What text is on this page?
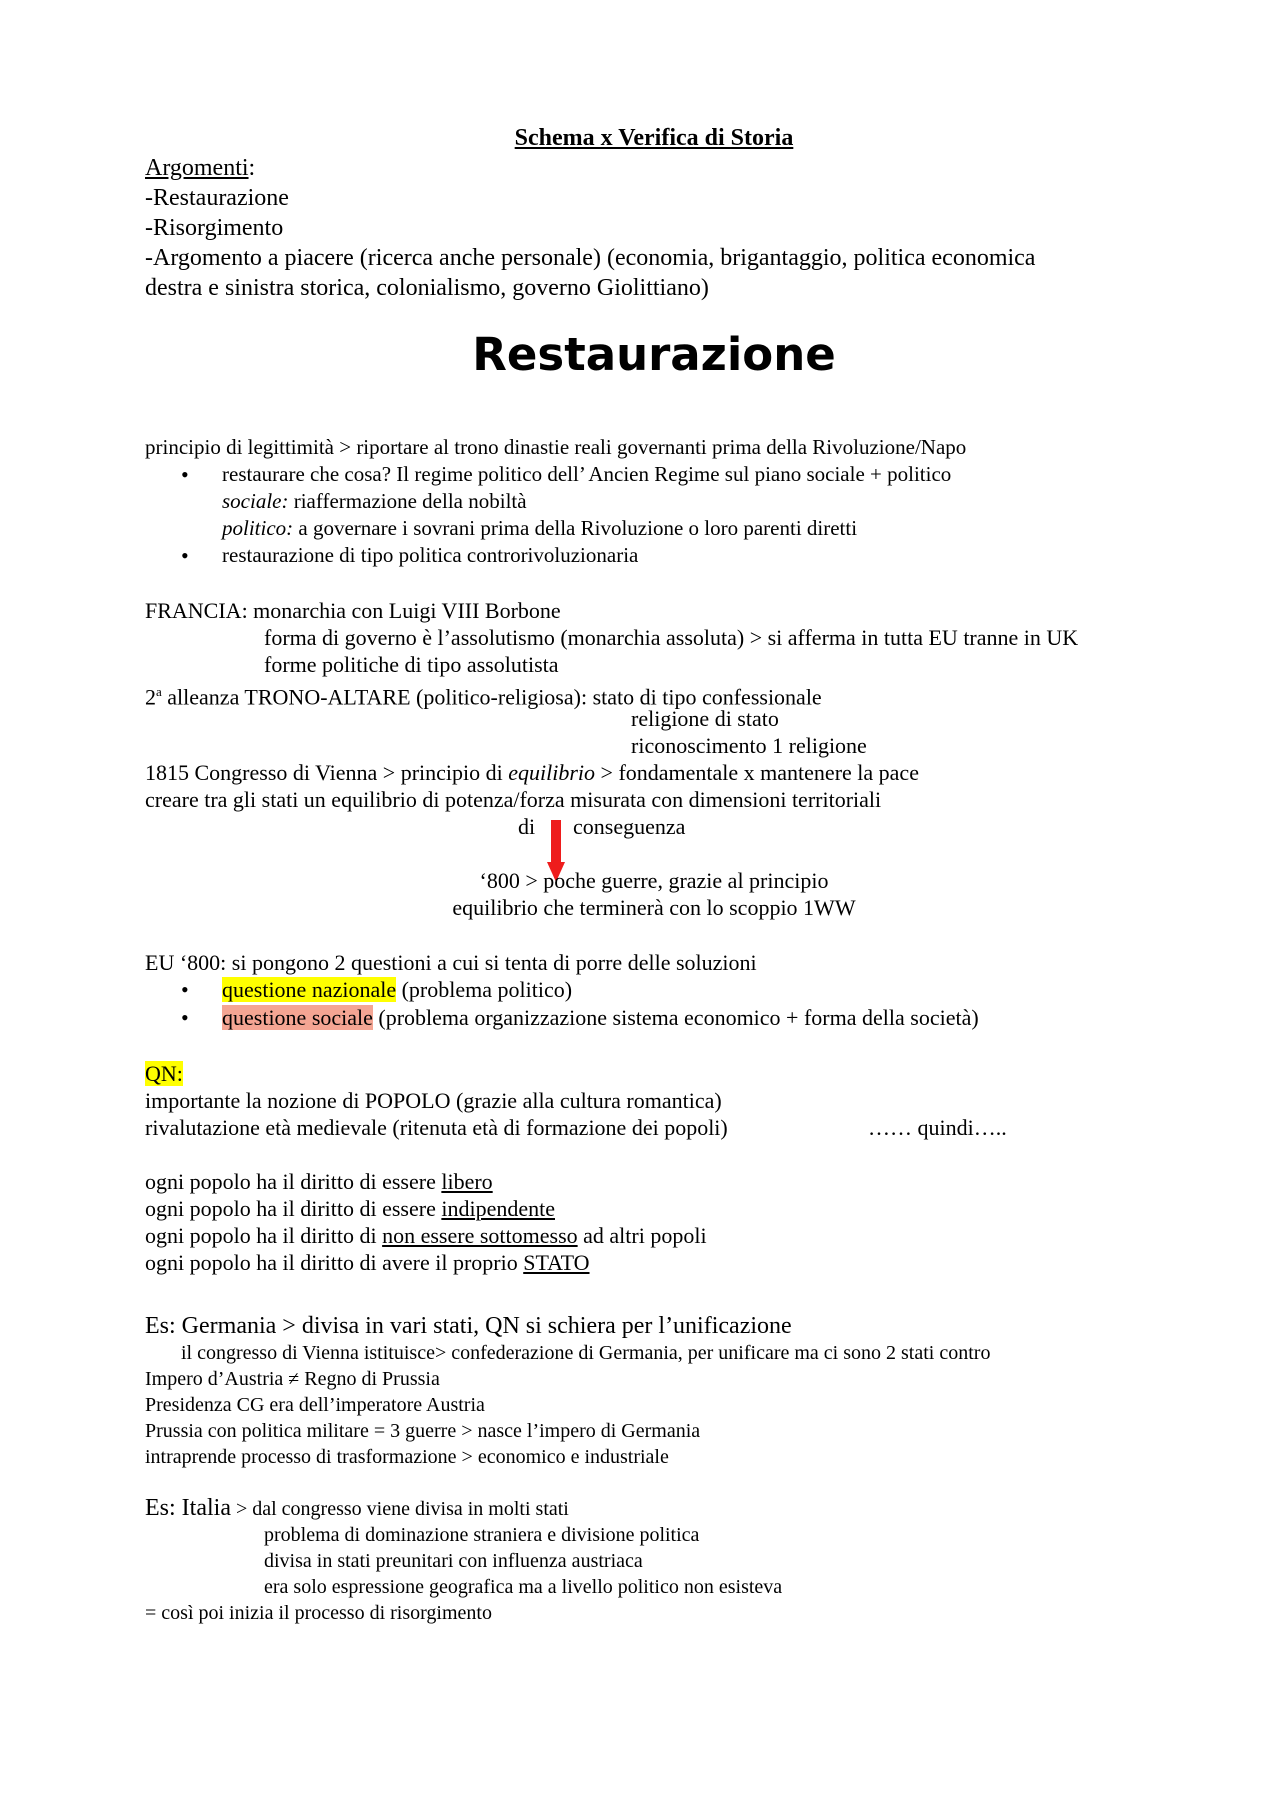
Schema x Verifica di Storia
Argomenti:
-Restaurazione
-Risorgimento
-Argomento a piacere (ricerca anche personale) (economia, brigantaggio, politica economica
destra e sinistra storica, colonialismo, governo Giolittiano)
Restaurazione
principio di legittimità > riportare al trono dinastie reali governanti prima della Rivoluzione/Napo
• restaurare che cosa? Il regime politico dell’ Ancien Regime sul piano sociale + politico
sociale: riaffermazione della nobiltà
politico: a governare i sovrani prima della Rivoluzione o loro parenti diretti
• restaurazione di tipo politica controrivoluzionaria
FRANCIA: monarchia con Luigi VIII Borbone
forma di governo è l’assolutismo (monarchia assoluta) > si afferma in tutta EU tranne in UK
forme politiche di tipo assolutista
2$^a$ alleanza TRONO-ALTARE (politico-religiosa): stato di tipo confessionale
religione di stato
riconoscimento 1 religione
1815 Congresso di Vienna > principio di equilibrio > fondamentale x mantenere la pace
creare tra gli stati un equilibrio di potenza/forza misurata con dimensioni territoriali
di conseguenza
‘800 > poche guerre, grazie al principio
equilibrio che terminerà con lo scoppio 1WW
EU ‘800: si pongono 2 questioni a cui si tenta di porre delle soluzioni
• questione nazionale (problema politico)
• questione sociale (problema organizzazione sistema economico + forma della società)
QN:
importante la nozione di POPOLO (grazie alla cultura romantica)
rivalutazione età medievale (ritenuta età di formazione dei popoli)	…… quindi…..
ogni popolo ha il diritto di essere libero
ogni popolo ha il diritto di essere indipendente
ogni popolo ha il diritto di non essere sottomesso ad altri popoli
ogni popolo ha il diritto di avere il proprio STATO
Es: Germania > divisa in vari stati, QN si schiera per l’unificazione
il congresso di Vienna istituisce> confederazione di Germania, per unificare ma ci sono 2 stati contro
Impero d’Austria ≠ Regno di Prussia
Presidenza CG era dell’imperatore Austria
Prussia con politica militare = 3 guerre > nasce l’impero di Germania
intraprende processo di trasformazione > economico e industriale
Es: Italia > dal congresso viene divisa in molti stati
problema di dominazione straniera e divisione politica
divisa in stati preunitari con influenza austriaca
era solo espressione geografica ma a livello politico non esisteva
= così poi inizia il processo di risorgimento
